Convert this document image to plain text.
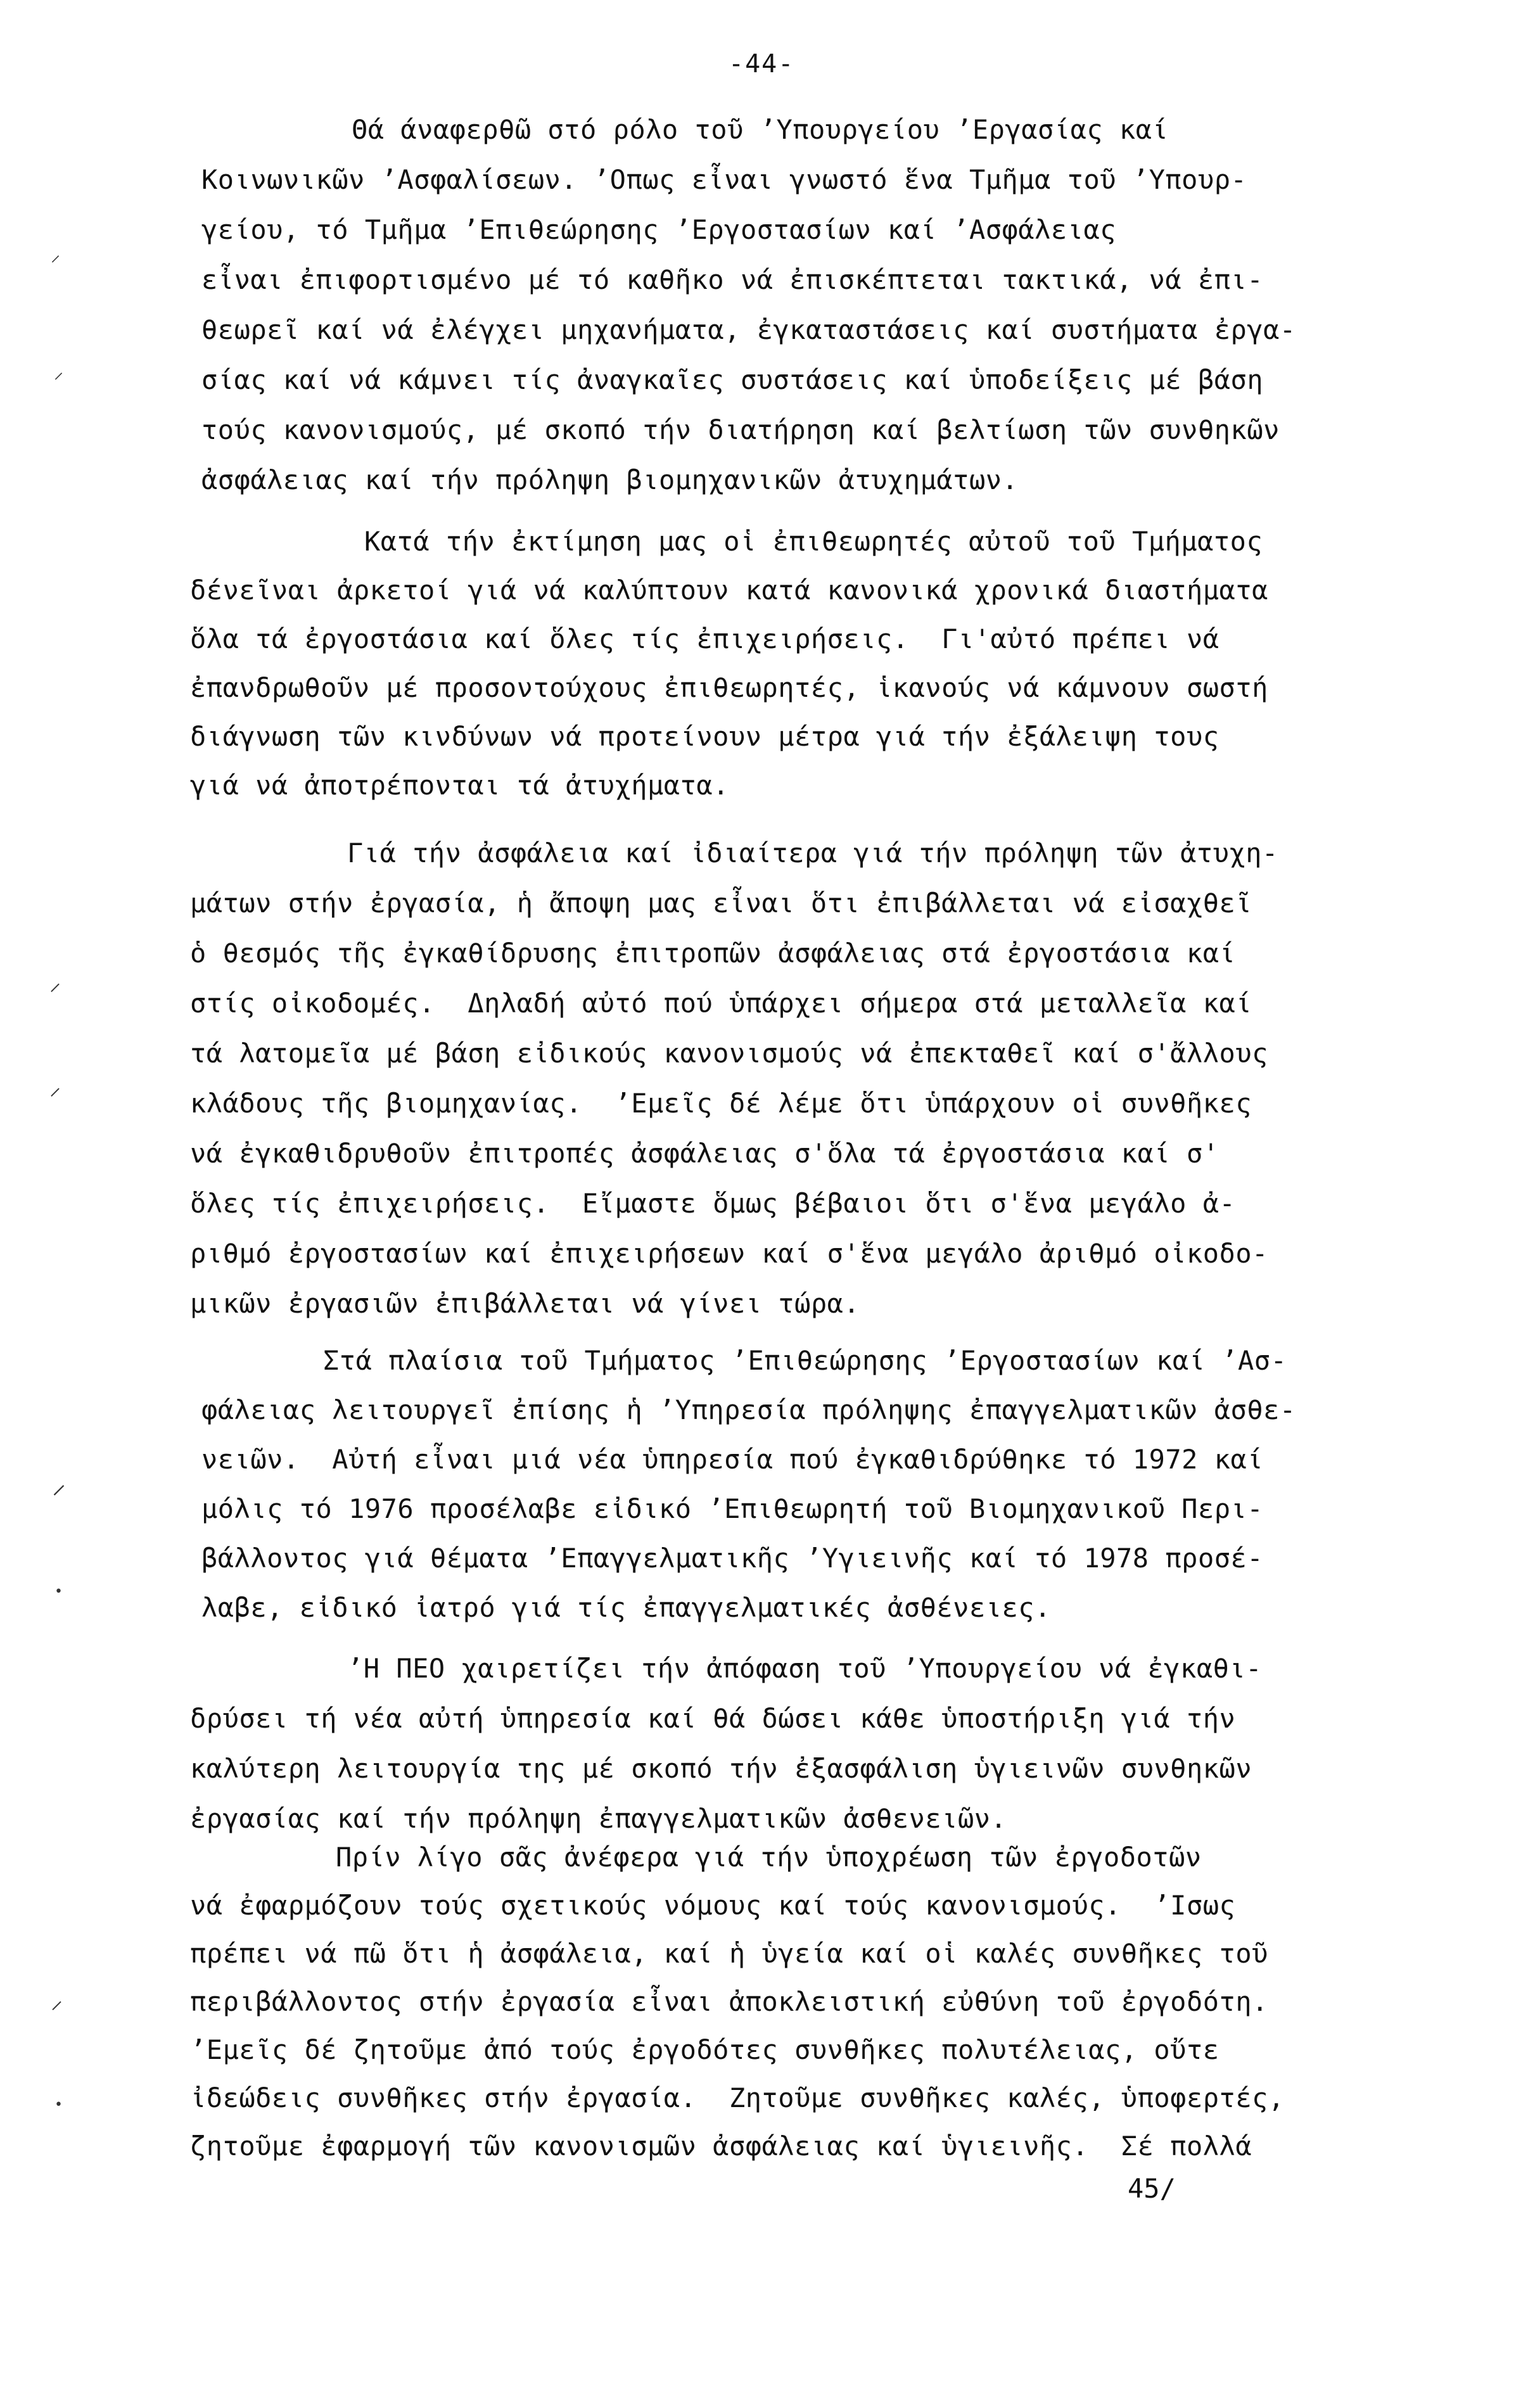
-44-
Θά άναφερθῶ στό ρόλο τοῦ ʼΥπουργείου ʼΕργασίας καί
Κοινωνικῶν ʼΑσφαλίσεων. ʼΟπως εἶναι γνωστό ἕνα Τμῆμα τοῦ ʼΥπουρ-
γείου, τό Τμῆμα ʼΕπιθεώρησης ʼΕργοστασίων καί ʼΑσφάλειας
εἶναι ἐπιφορτισμένο μέ τό καθῆκο νά ἐπισκέπτεται τακτικά, νά ἐπι-
θεωρεῖ καί νά ἐλέγχει μηχανήματα, ἐγκαταστάσεις καί συστήματα ἐργα-
σίας καί νά κάμνει τίς ἀναγκαῖες συστάσεις καί ὑποδείξεις μέ βάση
τούς κανονισμούς, μέ σκοπό τήν διατήρηση καί βελτίωση τῶν συνθηκῶν
ἀσφάλειας καί τήν πρόληψη βιομηχανικῶν ἀτυχημάτων.
Κατά τήν ἐκτίμηση μας οἱ ἐπιθεωρητές αὐτοῦ τοῦ Τμήματος
δένεῖναι ἀρκετοί γιά νά καλύπτουν κατά κανονικά χρονικά διαστήματα
ὅλα τά ἐργοστάσια καί ὅλες τίς ἐπιχειρήσεις.  Γι'αὐτό πρέπει νά
ἐπανδρωθοῦν μέ προσοντούχους ἐπιθεωρητές, ἱκανούς νά κάμνουν σωστή
διάγνωση τῶν κινδύνων νά προτείνουν μέτρα γιά τήν ἐξάλειψη τους
γιά νά ἀποτρέπονται τά ἀτυχήματα.
Γιά τήν ἀσφάλεια καί ἰδιαίτερα γιά τήν πρόληψη τῶν ἀτυχη-
μάτων στήν ἐργασία, ἡ ἄποψη μας εἶναι ὅτι ἐπιβάλλεται νά εἰσαχθεῖ
ὁ θεσμός τῆς ἐγκαθίδρυσης ἐπιτροπῶν ἀσφάλειας στά ἐργοστάσια καί
στίς οἰκοδομές.  Δηλαδή αὐτό πού ὑπάρχει σήμερα στά μεταλλεῖα καί
τά λατομεῖα μέ βάση εἰδικούς κανονισμούς νά ἐπεκταθεῖ καί σ'ἄλλους
κλάδους τῆς βιομηχανίας.  ʼΕμεῖς δέ λέμε ὅτι ὑπάρχουν οἱ συνθῆκες
νά ἐγκαθιδρυθοῦν ἐπιτροπές ἀσφάλειας σ'ὅλα τά ἐργοστάσια καί σ'
ὅλες τίς ἐπιχειρήσεις.  Εἴμαστε ὅμως βέβαιοι ὅτι σ'ἕνα μεγάλο ἀ-
ριθμό ἐργοστασίων καί ἐπιχειρήσεων καί σ'ἕνα μεγάλο ἀριθμό οἰκοδο-
μικῶν ἐργασιῶν ἐπιβάλλεται νά γίνει τώρα.
Στά πλαίσια τοῦ Τμήματος ʼΕπιθεώρησης ʼΕργοστασίων καί ʼΑσ-
φάλειας λειτουργεῖ ἐπίσης ἡ ʼΥπηρεσία πρόληψης ἐπαγγελματικῶν ἀσθε-
νειῶν.  Αὐτή εἶναι μιά νέα ὑπηρεσία πού ἐγκαθιδρύθηκε τό 1972 καί
μόλις τό 1976 προσέλαβε εἰδικό ʼΕπιθεωρητή τοῦ Βιομηχανικοῦ Περι-
βάλλοντος γιά θέματα ʼΕπαγγελματικῆς ʼΥγιεινῆς καί τό 1978 προσέ-
λαβε, εἰδικό ἰατρό γιά τίς ἐπαγγελματικές ἀσθένειες.
ʼΗ ΠΕΟ χαιρετίζει τήν ἀπόφαση τοῦ ʼΥπουργείου νά ἐγκαθι-
δρύσει τή νέα αὐτή ὑπηρεσία καί θά δώσει κάθε ὑποστήριξη γιά τήν
καλύτερη λειτουργία της μέ σκοπό τήν ἐξασφάλιση ὑγιεινῶν συνθηκῶν
ἐργασίας καί τήν πρόληψη ἐπαγγελματικῶν ἀσθενειῶν.
Πρίν λίγο σᾶς ἀνέφερα γιά τήν ὑποχρέωση τῶν ἐργοδοτῶν
νά ἐφαρμόζουν τούς σχετικούς νόμους καί τούς κανονισμούς.  ʼΙσως
πρέπει νά πῶ ὅτι ἡ ἀσφάλεια, καί ἡ ὑγεία καί οἱ καλές συνθῆκες τοῦ
περιβάλλοντος στήν ἐργασία εἶναι ἀποκλειστική εὐθύνη τοῦ ἐργοδότη.
ʼΕμεῖς δέ ζητοῦμε ἀπό τούς ἐργοδότες συνθῆκες πολυτέλειας, οὔτε
ἰδεώδεις συνθῆκες στήν ἐργασία.  Ζητοῦμε συνθῆκες καλές, ὑποφερτές,
ζητοῦμε ἐφαρμογή τῶν κανονισμῶν ἀσφάλειας καί ὑγιεινῆς.  Σέ πολλά
45/
⸝
⸝
⸝
⸝
⸝
•
⸝
•
